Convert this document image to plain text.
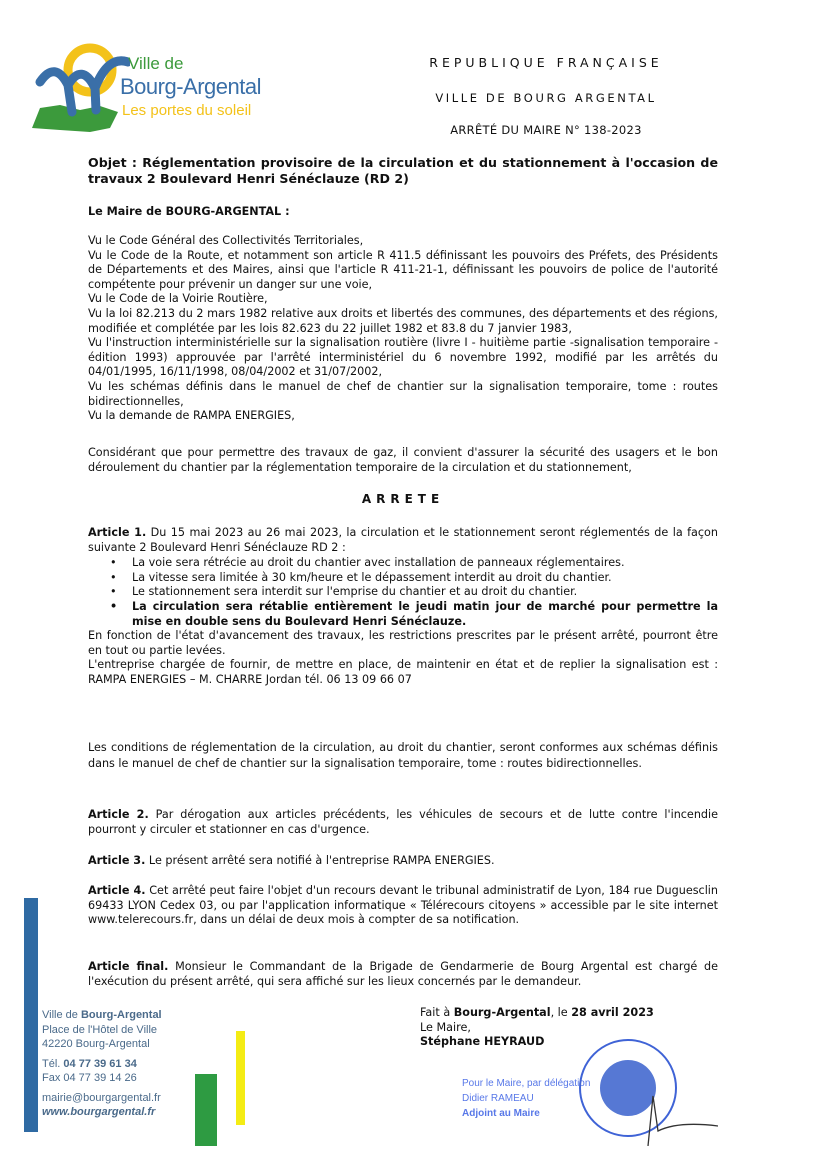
Ville de
Bourg-Argental
Les portes du soleil
REPUBLIQUE FRANÇAISE
VILLE DE BOURG ARGENTAL
ARRÊTÉ DU MAIRE N° 138-2023
Objet : Réglementation provisoire de la circulation et du stationnement à l'occasion de travaux 2 Boulevard Henri Sénéclauze (RD 2)
Le Maire de BOURG-ARGENTAL :
Vu le Code Général des Collectivités Territoriales,
Vu le Code de la Route, et notamment son article R 411.5 définissant les pouvoirs des Préfets, des Présidents de Départements et des Maires, ainsi que l'article R 411-21-1, définissant les pouvoirs de police de l'autorité compétente pour prévenir un danger sur une voie,
Vu le Code de la Voirie Routière,
Vu la loi 82.213 du 2 mars 1982 relative aux droits et libertés des communes, des départements et des régions, modifiée et complétée par les lois 82.623 du 22 juillet 1982 et 83.8 du 7 janvier 1983,
Vu l'instruction interministérielle sur la signalisation routière (livre I - huitième partie -signalisation temporaire - édition 1993) approuvée par l'arrêté interministériel du 6 novembre 1992, modifié par les arrêtés du 04/01/1995, 16/11/1998, 08/04/2002 et 31/07/2002,
Vu les schémas définis dans le manuel de chef de chantier sur la signalisation temporaire, tome : routes bidirectionnelles,
Vu la demande de RAMPA ENERGIES,
Considérant que pour permettre des travaux de gaz, il convient d'assurer la sécurité des usagers et le bon déroulement du chantier par la réglementation temporaire de la circulation et du stationnement,
ARRETE
Article 1. Du 15 mai 2023 au 26 mai 2023, la circulation et le stationnement seront réglementés de la façon suivante 2 Boulevard Henri Sénéclauze RD 2 :
• La voie sera rétrécie au droit du chantier avec installation de panneaux réglementaires.
• La vitesse sera limitée à 30 km/heure et le dépassement interdit au droit du chantier.
• Le stationnement sera interdit sur l'emprise du chantier et au droit du chantier.
• La circulation sera rétablie entièrement le jeudi matin jour de marché pour permettre la mise en double sens du Boulevard Henri Sénéclauze.
En fonction de l'état d'avancement des travaux, les restrictions prescrites par le présent arrêté, pourront être en tout ou partie levées.
L'entreprise chargée de fournir, de mettre en place, de maintenir en état et de replier la signalisation est : RAMPA ENERGIES – M. CHARRE Jordan tél. 06 13 09 66 07
Les conditions de réglementation de la circulation, au droit du chantier, seront conformes aux schémas définis dans le manuel de chef de chantier sur la signalisation temporaire, tome : routes bidirectionnelles.
Article 2. Par dérogation aux articles précédents, les véhicules de secours et de lutte contre l'incendie pourront y circuler et stationner en cas d'urgence.
Article 3. Le présent arrêté sera notifié à l'entreprise RAMPA ENERGIES.
Article 4. Cet arrêté peut faire l'objet d'un recours devant le tribunal administratif de Lyon, 184 rue Duguesclin 69433 LYON Cedex 03, ou par l'application informatique « Télérecours citoyens » accessible par le site internet www.telerecours.fr, dans un délai de deux mois à compter de sa notification.
Article final. Monsieur le Commandant de la Brigade de Gendarmerie de Bourg Argental est chargé de l'exécution du présent arrêté, qui sera affiché sur les lieux concernés par le demandeur.
Fait à Bourg-Argental, le 28 avril 2023
Le Maire,
Stéphane HEYRAUD
Pour le Maire, par délégation
Didier RAMEAU
Adjoint au Maire
Ville de Bourg-Argental
Place de l'Hôtel de Ville
42220 Bourg-Argental
Tél. 04 77 39 61 34
Fax 04 77 39 14 26
mairie@bourgargental.fr
www.bourgargental.fr
